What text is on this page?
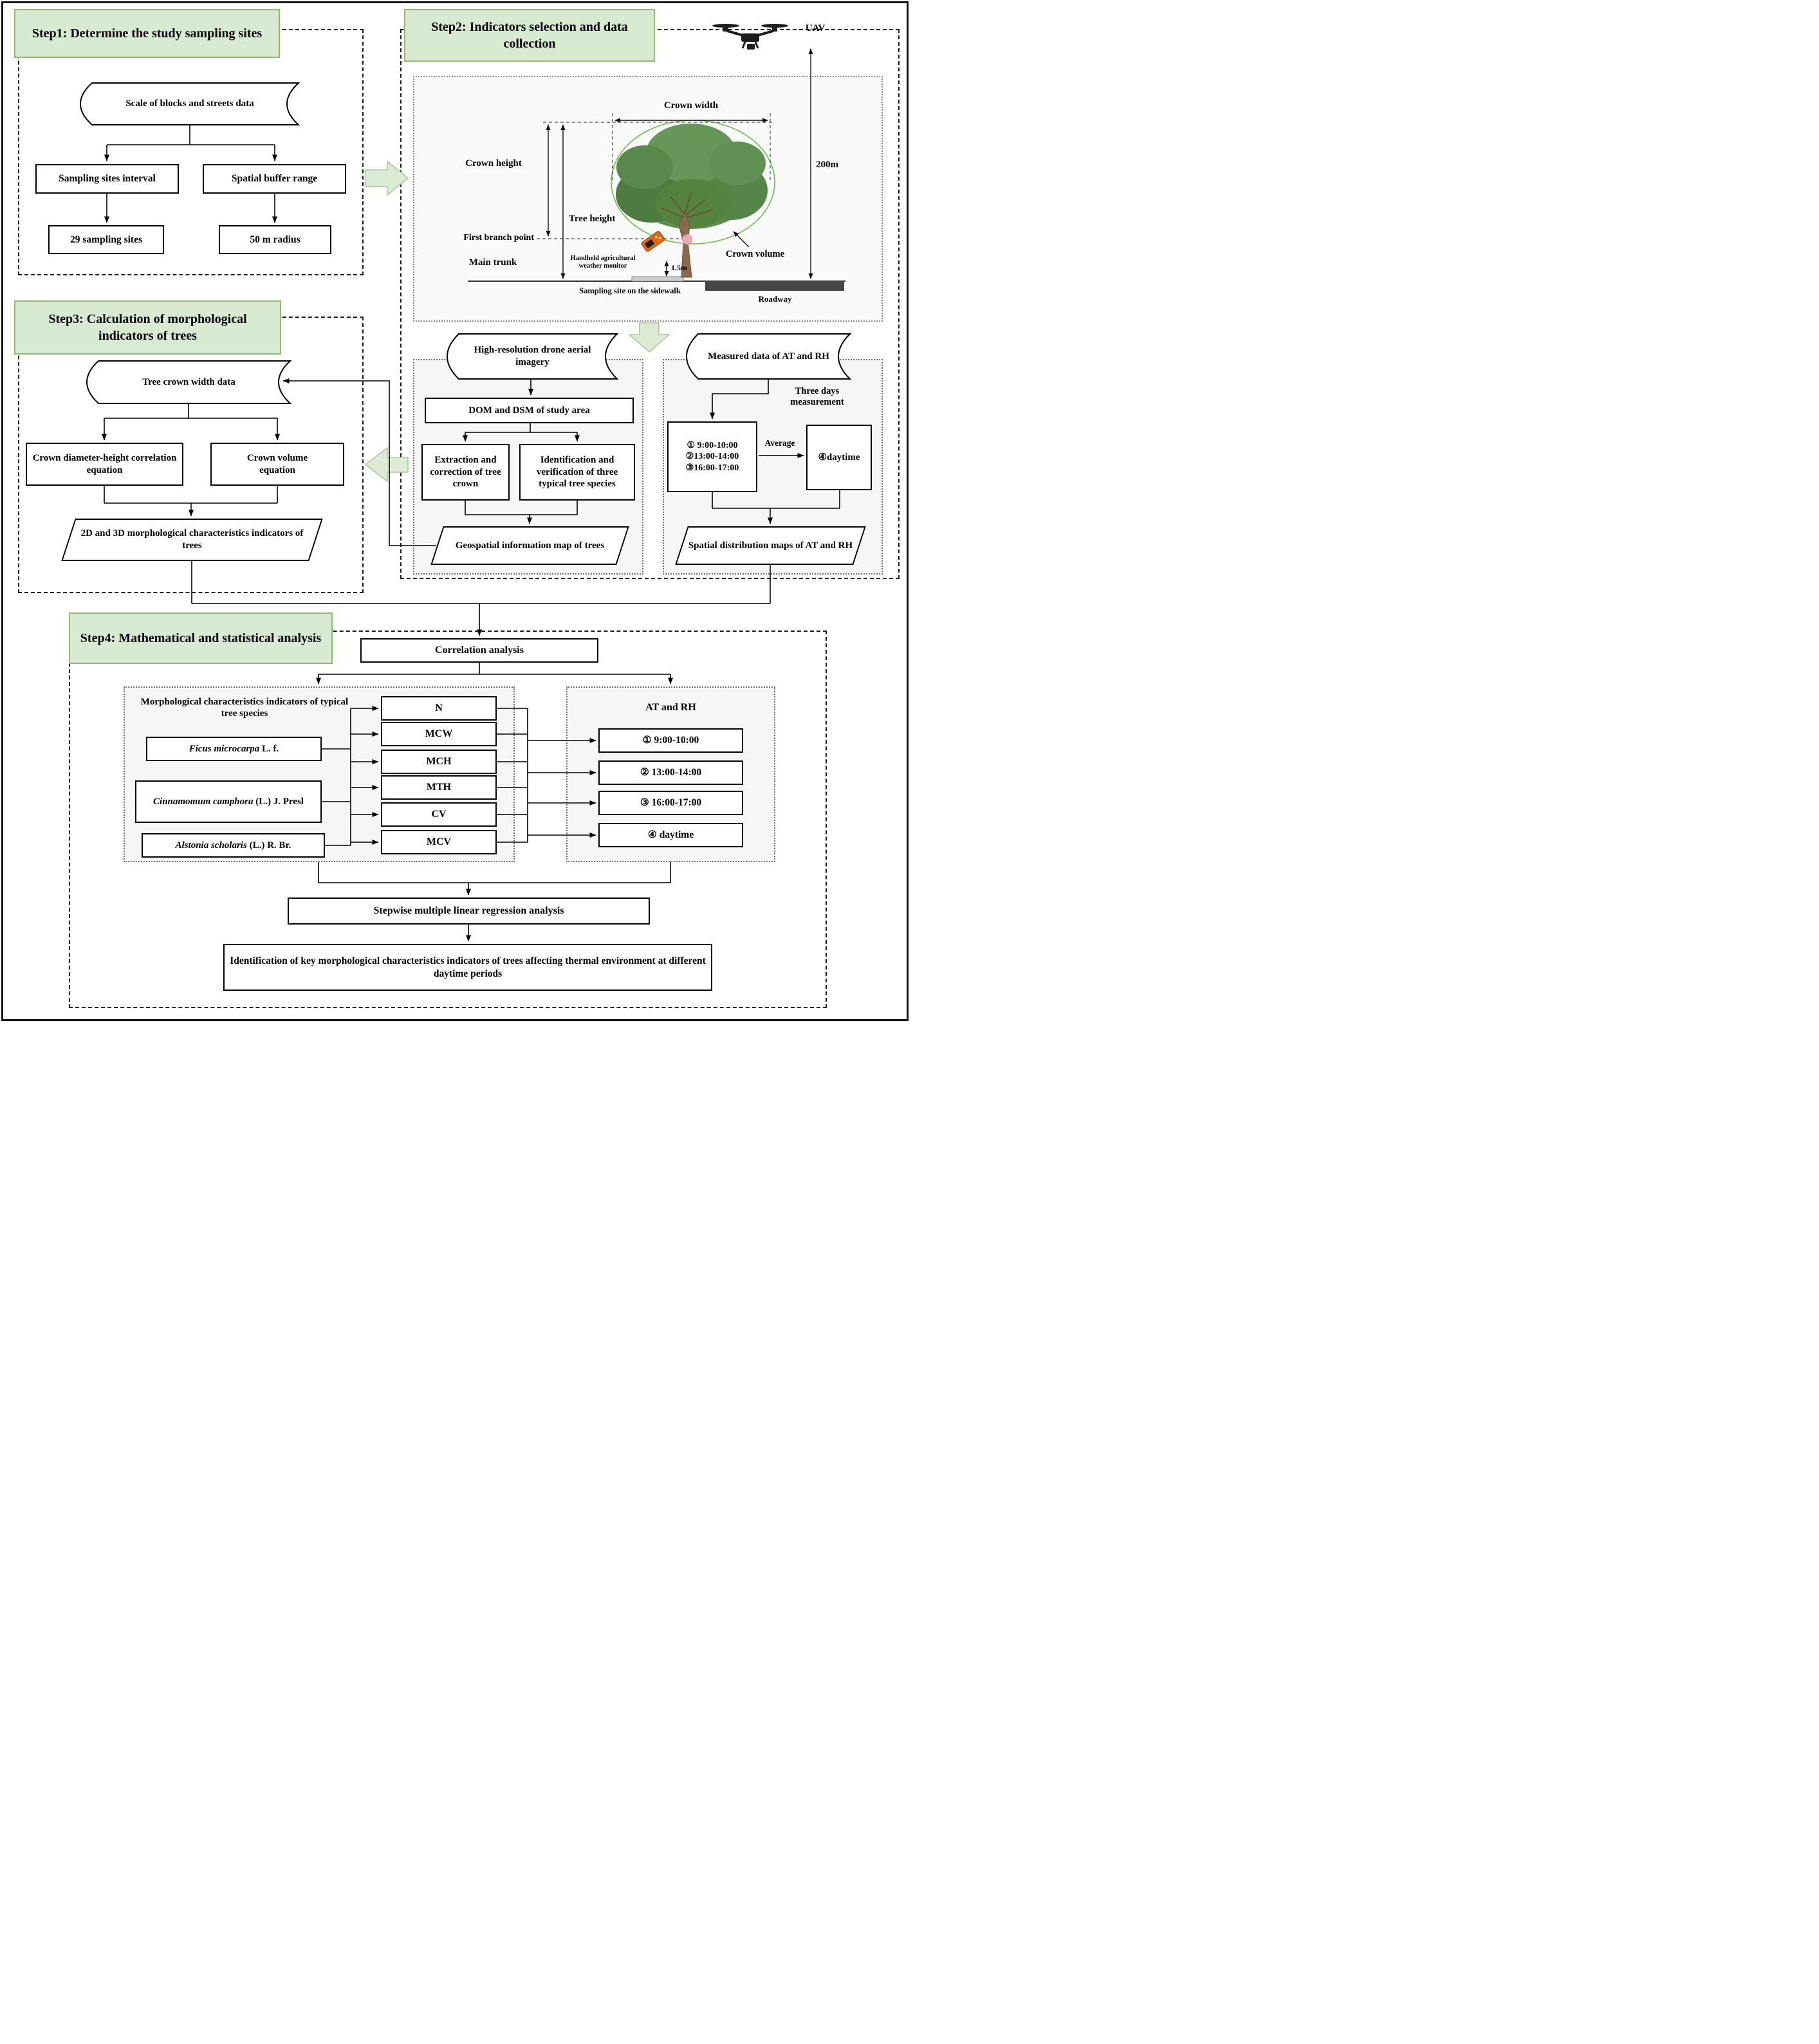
UAV
Crown width
Crown height
Tree height
First branch point
Main trunk
Crown volume
200m
1.5m
Handheld agricultural
weather monitor
Sampling site on the sidewalk
Roadway
Step1: Determine the study sampling sites	Step2: Indicators selection and data collection
Step3: Calculation of morphological indicators of trees
Step4: Mathematical and statistical analysis
Scale of blocks and streets data
Sampling sites interval	Spatial buffer range
29 sampling sites	50 m radius
High-resolution drone aerial imagery
DOM and DSM of study area
Extraction and correction of tree crown
Identification and verification of three typical tree species
Geospatial information map of trees
Measured data of AT and RH
Three days
measurement
① 9:00-10:00
②13:00-14:00
③16:00-17:00
Average
④daytime
Spatial distribution maps of AT and RH
Tree crown width data
Crown diameter-height correlation equation
Crown volume equation
2D and 3D morphological characteristics indicators of trees
Correlation analysis
Morphological characteristics indicators of typical tree species
Ficus microcarpa L. f.
Cinnamomum camphora (L.) J. Presl
Alstonia scholaris (L.) R. Br.
N
MCW
MCH
MTH
CV
MCV
AT and RH
① 9:00-10:00
② 13:00-14:00
③ 16:00-17:00
④ daytime
Stepwise multiple linear regression analysis
Identification of key morphological characteristics indicators of trees affecting thermal environment at different daytime periods
